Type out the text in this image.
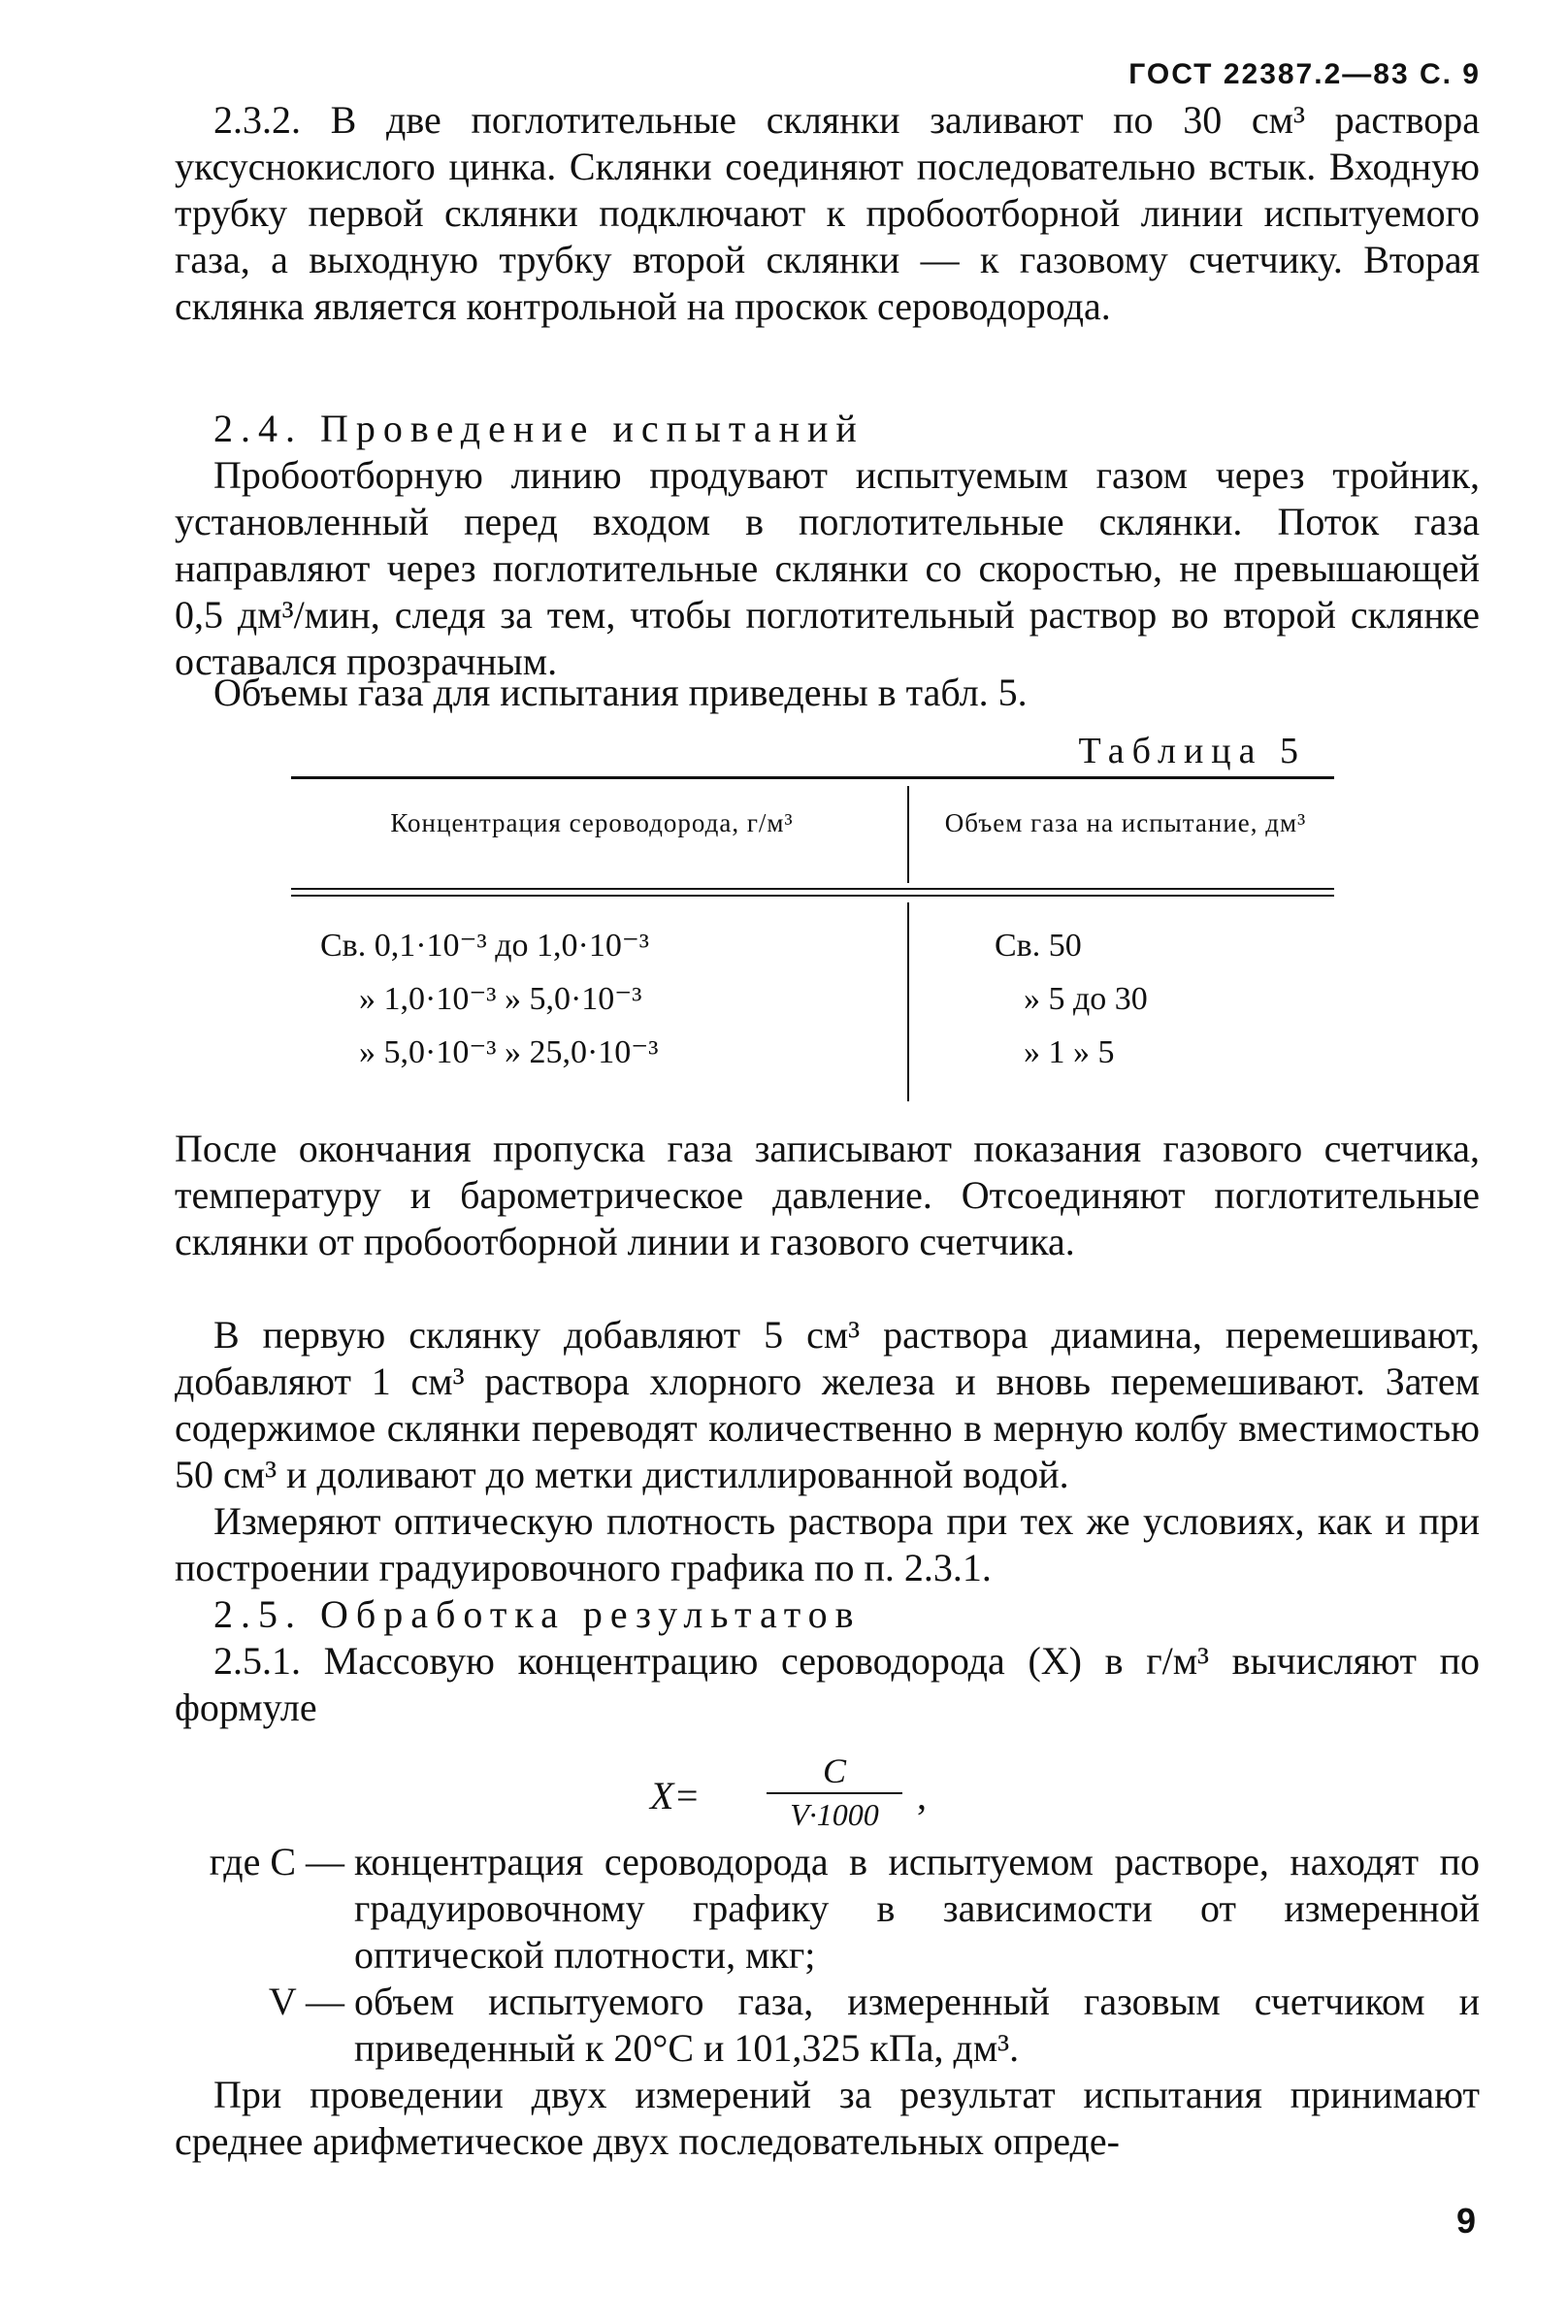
ГОСТ 22387.2—83 С. 9

2.3.2. В две поглотительные склянки заливают по 30 см³ раствора уксуснокислого цинка. Склянки соединяют последовательно встык. Входную трубку первой склянки подключают к пробоотборной линии испытуемого газа, а выходную трубку второй склянки — к газовому счетчику. Вторая склянка является контрольной на проскок сероводорода.

2.4. Проведение испытаний

Пробоотборную линию продувают испытуемым газом через тройник, установленный перед входом в поглотительные склянки. Поток газа направляют через поглотительные склянки со скоростью, не превышающей 0,5 дм³/мин, следя за тем, чтобы поглотительный раствор во второй склянке оставался прозрачным.

Объемы газа для испытания приведены в табл. 5.
Таблица 5
Концентрация сероводорода, г/м³	Объем газа на испытание, дм³
Св. 0,1·10⁻³ до 1,0·10⁻³	Св. 50
» 1,0·10⁻³ » 5,0·10⁻³	» 5 до 30
» 5,0·10⁻³ » 25,0·10⁻³	» 1 » 5

После окончания пропуска газа записывают показания газового счетчика, температуру и барометрическое давление. Отсоединяют поглотительные склянки от пробоотборной линии и газового счетчика.

В первую склянку добавляют 5 см³ раствора диамина, перемешивают, добавляют 1 см³ раствора хлорного железа и вновь перемешивают. Затем содержимое склянки переводят количественно в мерную колбу вместимостью 50 см³ и доливают до метки дистиллированной водой.

Измеряют оптическую плотность раствора при тех же условиях, как и при построении градуировочного графика по п. 2.3.1.

2.5. Обработка результатов

2.5.1. Массовую концентрацию сероводорода (X) в г/м³ вычисляют по формуле

X=
C
V·1000 ,
где C — концентрация сероводорода в испытуемом растворе, находят по градуировочному графику в зависимости от измеренной оптической плотности, мкг;
V — объем испытуемого газа, измеренный газовым счетчиком и приведенный к 20°C и 101,325 кПа, дм³.

При проведении двух измерений за результат испытания принимают среднее арифметическое двух последовательных опреде-

9
